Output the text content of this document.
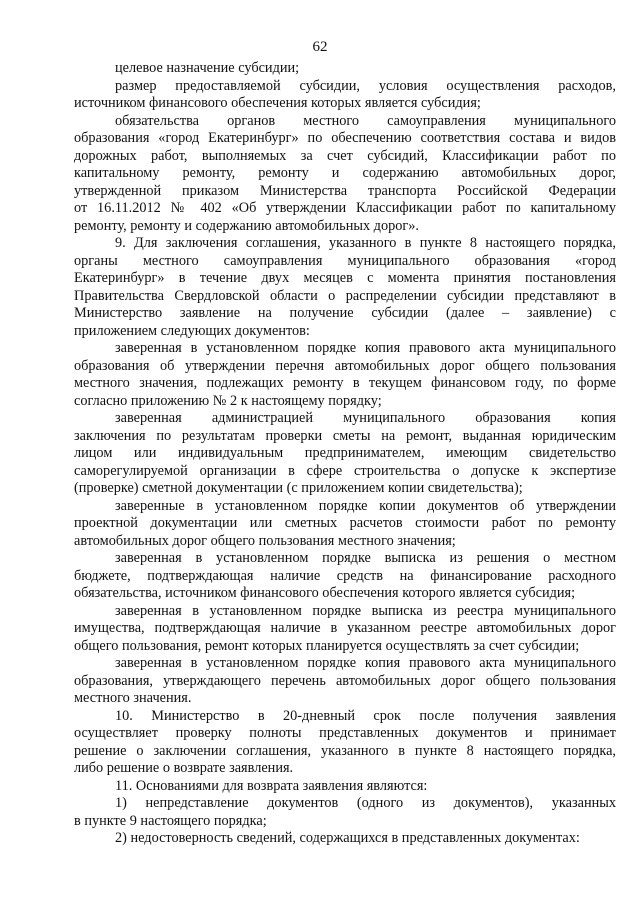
62
целевое назначение субсидии;
размер предоставляемой субсидии, условия осуществления расходов,
источником финансового обеспечения которых является субсидия;
обязательства органов местного самоуправления муниципального
образования «город Екатеринбург» по обеспечению соответствия состава и видов
дорожных работ, выполняемых за счет субсидий, Классификации работ по
капитальному ремонту, ремонту и содержанию автомобильных дорог,
утвержденной приказом Министерства транспорта Российской Федерации
от 16.11.2012 № 402 «Об утверждении Классификации работ по капитальному
ремонту, ремонту и содержанию автомобильных дорог».
9. Для заключения соглашения, указанного в пункте 8 настоящего порядка,
органы местного самоуправления муниципального образования «город
Екатеринбург» в течение двух месяцев с момента принятия постановления
Правительства Свердловской области о распределении субсидии представляют в
Министерство заявление на получение субсидии (далее – заявление) с
приложением следующих документов:
заверенная в установленном порядке копия правового акта муниципального
образования об утверждении перечня автомобильных дорог общего пользования
местного значения, подлежащих ремонту в текущем финансовом году, по форме
согласно приложению № 2 к настоящему порядку;
заверенная администрацией муниципального образования копия
заключения по результатам проверки сметы на ремонт, выданная юридическим
лицом или индивидуальным предпринимателем, имеющим свидетельство
саморегулируемой организации в сфере строительства о допуске к экспертизе
(проверке) сметной документации (с приложением копии свидетельства);
заверенные в установленном порядке копии документов об утверждении
проектной документации или сметных расчетов стоимости работ по ремонту
автомобильных дорог общего пользования местного значения;
заверенная в установленном порядке выписка из решения о местном
бюджете, подтверждающая наличие средств на финансирование расходного
обязательства, источником финансового обеспечения которого является субсидия;
заверенная в установленном порядке выписка из реестра муниципального
имущества, подтверждающая наличие в указанном реестре автомобильных дорог
общего пользования, ремонт которых планируется осуществлять за счет субсидии;
заверенная в установленном порядке копия правового акта муниципального
образования, утверждающего перечень автомобильных дорог общего пользования
местного значения.
10. Министерство в 20-дневный срок после получения заявления
осуществляет проверку полноты представленных документов и принимает
решение о заключении соглашения, указанного в пункте 8 настоящего порядка,
либо решение о возврате заявления.
11. Основаниями для возврата заявления являются:
1) непредставление документов (одного из документов), указанных
в пункте 9 настоящего порядка;
2) недостоверность сведений, содержащихся в представленных документах:
